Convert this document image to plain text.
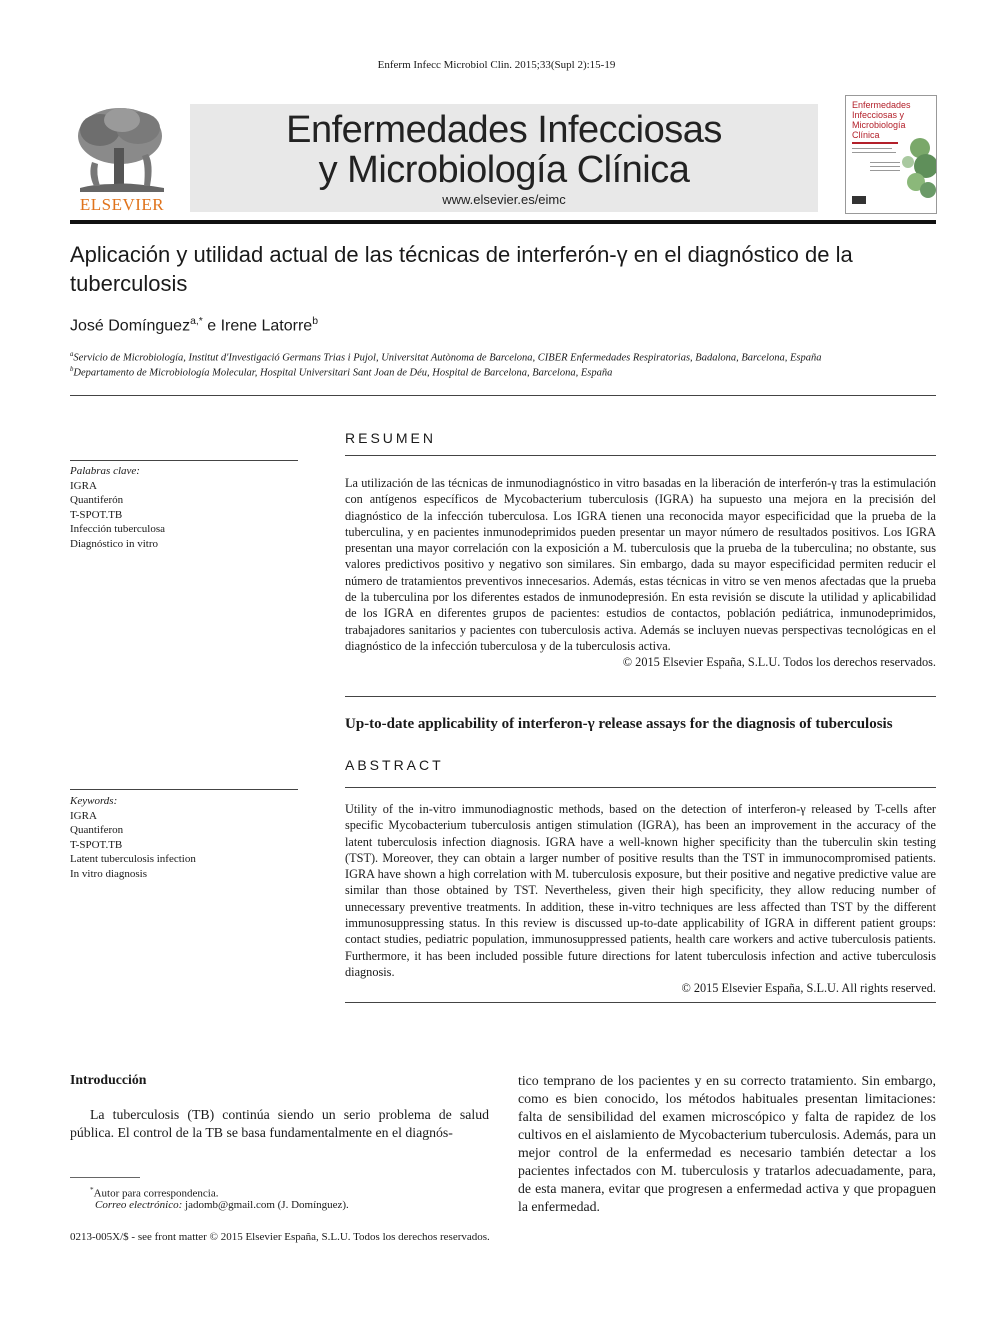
Enferm Infecc Microbiol Clin. 2015;33(Supl 2):15-19
ELSEVIER
Enfermedades Infecciosas
y Microbiología Clínica
www.elsevier.es/eimc
Enfermedades Infecciosas y Microbiología Clínica
Aplicación y utilidad actual de las técnicas de interferón-γ en el diagnóstico de la tuberculosis
José Domínguez$^{a,*}$ e Irene Latorre$^b$
$^a$Servicio de Microbiología, Institut d'Investigació Germans Trias i Pujol, Universitat Autònoma de Barcelona, CIBER Enfermedades Respiratorias, Badalona, Barcelona, España
$^b$Departamento de Microbiología Molecular, Hospital Universitari Sant Joan de Déu, Hospital de Barcelona, Barcelona, España
RESUMEN
Palabras clave:
IGRA
Quantiferón
T-SPOT.TB
Infección tuberculosa
Diagnóstico in vitro
La utilización de las técnicas de inmunodiagnóstico in vitro basadas en la liberación de interferón-γ tras la estimulación con antígenos específicos de Mycobacterium tuberculosis (IGRA) ha supuesto una mejora en la precisión del diagnóstico de la infección tuberculosa. Los IGRA tienen una reconocida mayor especificidad que la prueba de la tuberculina, y en pacientes inmunodeprimidos pueden presentar un mayor número de resultados positivos. Los IGRA presentan una mayor correlación con la exposición a M. tuberculosis que la prueba de la tuberculina; no obstante, sus valores predictivos positivo y negativo son similares. Sin embargo, dada su mayor especificidad permiten reducir el número de tratamientos preventivos innecesarios. Además, estas técnicas in vitro se ven menos afectadas que la prueba de la tuberculina por los diferentes estados de inmunodepresión. En esta revisión se discute la utilidad y aplicabilidad de los IGRA en diferentes grupos de pacientes: estudios de contactos, población pediátrica, inmunodeprimidos, trabajadores sanitarios y pacientes con tuberculosis activa. Además se incluyen nuevas perspectivas tecnológicas en el diagnóstico de la infección tuberculosa y de la tuberculosis activa.
© 2015 Elsevier España, S.L.U. Todos los derechos reservados.
Up-to-date applicability of interferon-γ release assays for the diagnosis of tuberculosis
ABSTRACT
Keywords:
IGRA
Quantiferon
T-SPOT.TB
Latent tuberculosis infection
In vitro diagnosis
Utility of the in-vitro immunodiagnostic methods, based on the detection of interferon-γ released by T-cells after specific Mycobacterium tuberculosis antigen stimulation (IGRA), has been an improvement in the accuracy of the latent tuberculosis infection diagnosis. IGRA have a well-known higher specificity than the tuberculin skin testing (TST). Moreover, they can obtain a larger number of positive results than the TST in immunocompromised patients. IGRA have shown a high correlation with M. tuberculosis exposure, but their positive and negative predictive value are similar than those obtained by TST. Nevertheless, given their high specificity, they allow reducing number of unnecessary preventive treatments. In addition, these in-vitro techniques are less affected than TST by the different immunosuppressing status. In this review is discussed up-to-date applicability of IGRA in different patient groups: contact studies, pediatric population, immunosuppressed patients, health care workers and active tuberculosis patients. Furthermore, it has been included possible future directions for latent tuberculosis infection and active tuberculosis diagnosis.
© 2015 Elsevier España, S.L.U. All rights reserved.
Introducción
La tuberculosis (TB) continúa siendo un serio problema de salud pública. El control de la TB se basa fundamentalmente en el diagnós-
tico temprano de los pacientes y en su correcto tratamiento. Sin embargo, como es bien conocido, los métodos habituales presentan limitaciones: falta de sensibilidad del examen microscópico y falta de rapidez de los cultivos en el aislamiento de Mycobacterium tuberculosis. Además, para un mejor control de la enfermedad es necesario también detectar a los pacientes infectados con M. tuberculosis y tratarlos adecuadamente, para, de esta manera, evitar que progresen a enfermedad activa y que propaguen la enfermedad.
*Autor para correspondencia.
Correo electrónico: jadomb@gmail.com (J. Domínguez).
0213-005X/$ - see front matter © 2015 Elsevier España, S.L.U. Todos los derechos reservados.
